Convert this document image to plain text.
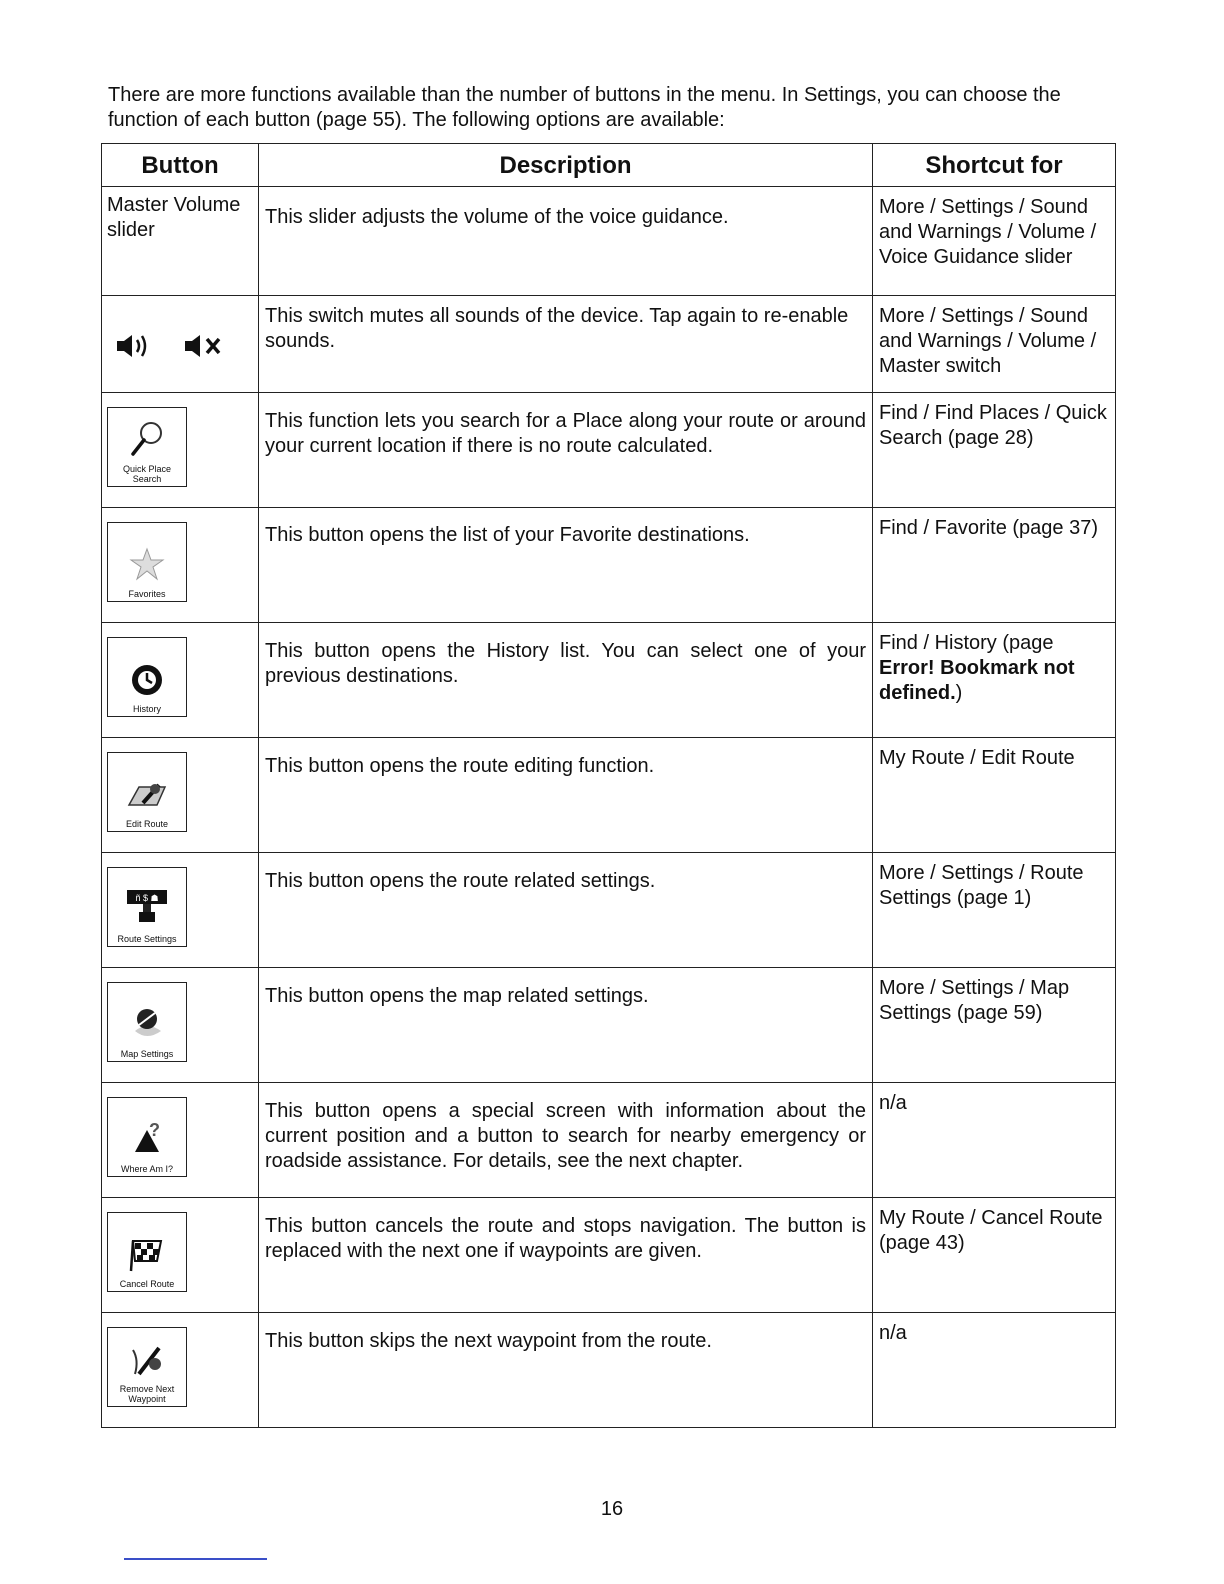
There are more functions available than the number of buttons in the menu. In Settings, you can choose the function of each button (page 55). The following options are available:
Button	Description	Shortcut for

Master Volume slider	This slider adjusts the volume of the voice guidance.	More / Settings / Sound and Warnings / Volume / Voice Guidance slider

	This switch mutes all sounds of the device. Tap again to re-enable sounds.	More / Settings / Sound and Warnings / Volume / Master switch

Quick Place Search	This function lets you search for a Place along your route or around your current location if there is no route calculated.	Find / Find Places / Quick Search (page 28)

Favorites	This button opens the list of your Favorite destinations.	Find / Favorite (page 37)

History	This button opens the History list. You can select one of your previous destinations.	Find / History (page Error! Bookmark not defined.)

Edit Route	This button opens the route editing function.	My Route / Edit Route

ñ $ ☗
Route Settings	This button opens the route related settings.	More / Settings / Route Settings (page 1)

Map Settings	This button opens the map related settings.	More / Settings / Map Settings (page 59)

?
Where Am I?	This button opens a special screen with information about the current position and a button to search for nearby emergency or roadside assistance. For details, see the next chapter.	n/a

Cancel Route	This button cancels the route and stops navigation. The button is replaced with the next one if waypoints are given.	My Route / Cancel Route (page 43)

Remove Next Waypoint	This button skips the next waypoint from the route.	n/a
16
